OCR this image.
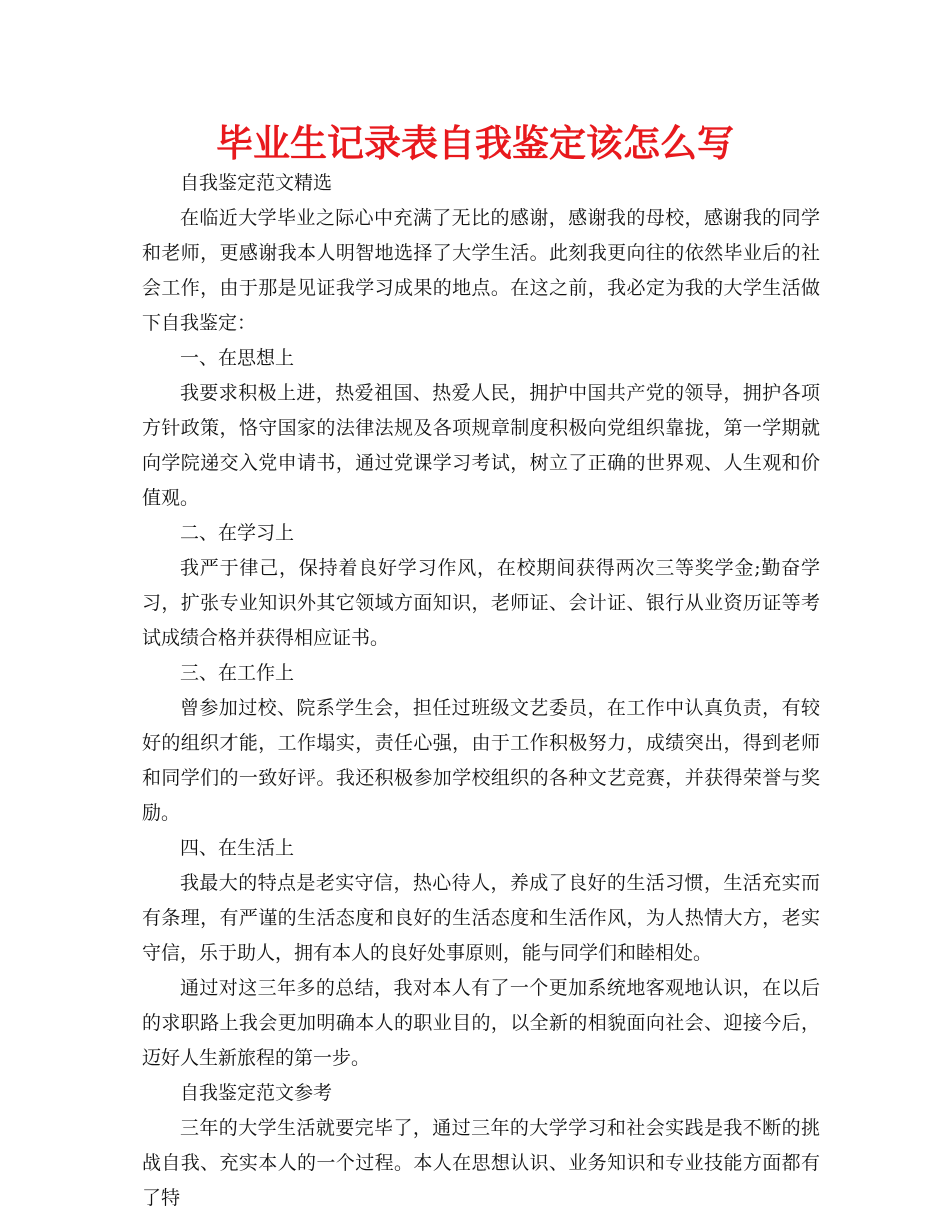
毕业生记录表自我鉴定该怎么写

自我鉴定范文精选

在临近大学毕业之际心中充满了无比的感谢，感谢我的母校，感谢我的同学和老师，更感谢我本人明智地选择了大学生活。此刻我更向往的依然毕业后的社会工作，由于那是见证我学习成果的地点。在这之前，我必定为我的大学生活做下自我鉴定：

一、在思想上

我要求积极上进，热爱祖国、热爱人民，拥护中国共产党的领导，拥护各项方针政策，恪守国家的法律法规及各项规章制度积极向党组织靠拢，第一学期就向学院递交入党申请书，通过党课学习考试，树立了正确的世界观、人生观和价值观。

二、在学习上

我严于律己，保持着良好学习作风，在校期间获得两次三等奖学金;勤奋学习，扩张专业知识外其它领域方面知识，老师证、会计证、银行从业资历证等考试成绩合格并获得相应证书。

三、在工作上

曾参加过校、院系学生会，担任过班级文艺委员，在工作中认真负责，有较好的组织才能，工作塌实，责任心强，由于工作积极努力，成绩突出，得到老师和同学们的一致好评。我还积极参加学校组织的各种文艺竞赛，并获得荣誉与奖励。

四、在生活上

我最大的特点是老实守信，热心待人，养成了良好的生活习惯，生活充实而有条理，有严谨的生活态度和良好的生活态度和生活作风，为人热情大方，老实守信，乐于助人，拥有本人的良好处事原则，能与同学们和睦相处。

通过对这三年多的总结，我对本人有了一个更加系统地客观地认识，在以后的求职路上我会更加明确本人的职业目的，以全新的相貌面向社会、迎接今后，迈好人生新旅程的第一步。

自我鉴定范文参考

三年的大学生活就要完毕了，通过三年的大学学习和社会实践是我不断的挑战自我、充实本人的一个过程。本人在思想认识、业务知识和专业技能方面都有了特
